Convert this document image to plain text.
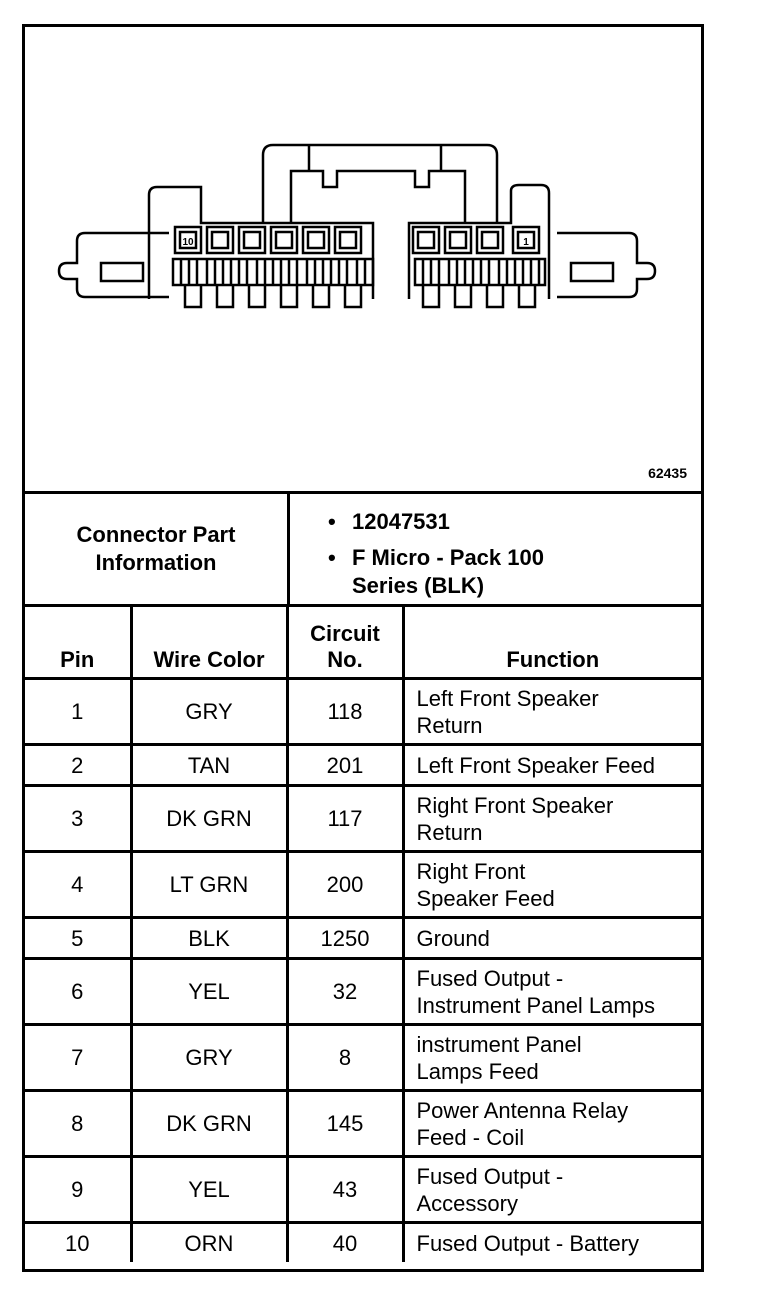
10	1
62435
Connector Part
Information
• 12047531
• F Micro - Pack 100
Series (BLK)
Pin	Wire Color	Circuit
No.	Function
1	GRY	118	Left Front Speaker
Return

2	TAN	201	Left Front Speaker Feed

3	DK GRN	117	Right Front Speaker
Return

4	LT GRN	200	Right Front
Speaker Feed

5	BLK	1250	Ground

6	YEL	32	Fused Output -
Instrument Panel Lamps

7	GRY	8	instrument Panel
Lamps Feed

8	DK GRN	145	Power Antenna Relay
Feed - Coil

9	YEL	43	Fused Output -
Accessory

10	ORN	40	Fused Output - Battery
